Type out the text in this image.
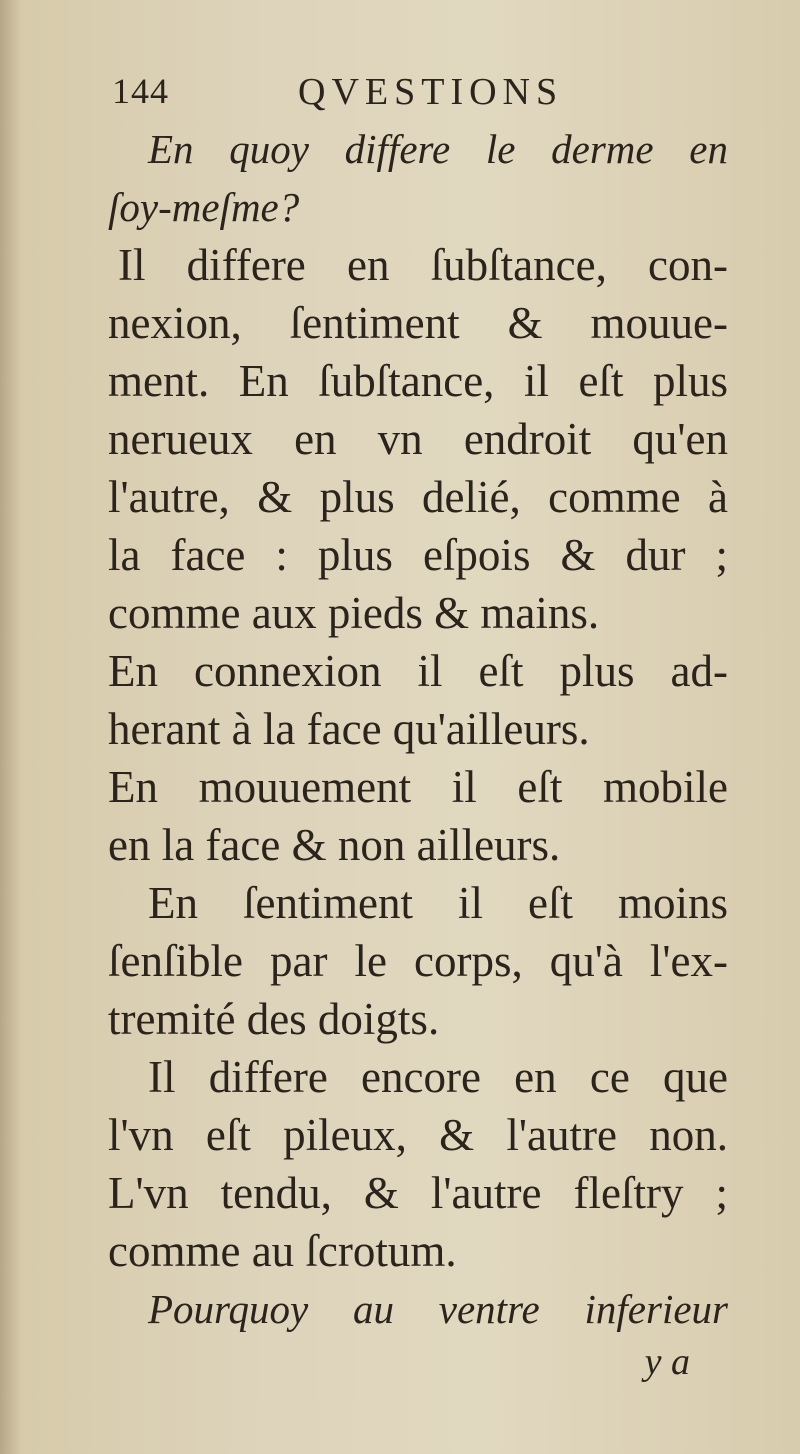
144	QVESTIONS
En quoy differe le derme en
ſoy-meſme?
Il differe en ſubſtance, con-
nexion, ſentiment & mouue-
ment. En ſubſtance, il eſt plus
nerueux en vn endroit qu'en
l'autre, & plus delié, comme à
la face : plus eſpois & dur ;
comme aux pieds & mains.
En connexion il eſt plus ad-
herant à la face qu'ailleurs.
En mouuement il eſt mobile
en la face & non ailleurs.
En ſentiment il eſt moins
ſenſible par le corps, qu'à l'ex-
tremité des doigts.
Il differe encore en ce que
l'vn eſt pileux, & l'autre non.
L'vn tendu, & l'autre fleſtry ;
comme au ſcrotum.
Pourquoy au ventre inferieur
y a
